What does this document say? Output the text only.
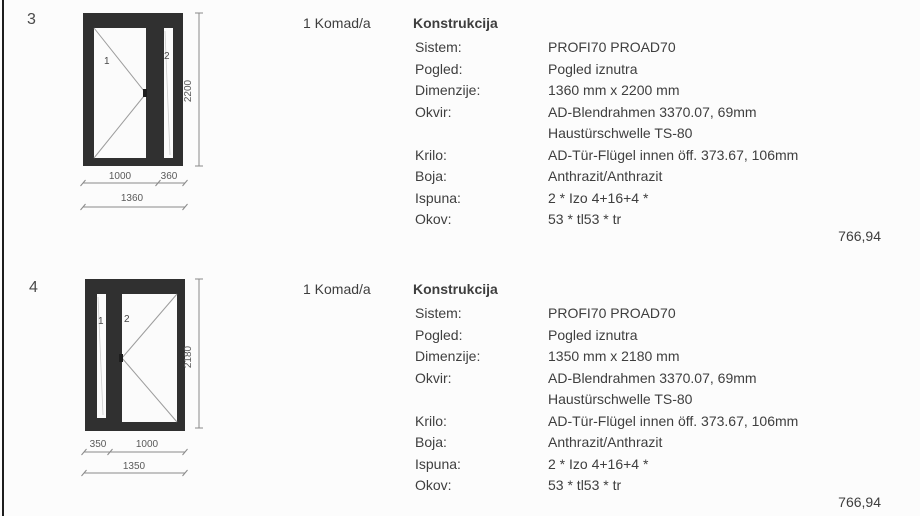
3
1	2
2200
1000	360
1360
1 Komad/a	Konstrukcija
Sistem:	PROFI70 PROAD70
Pogled:	Pogled iznutra
Dimenzije:	1360 mm x 2200 mm
Okvir:	AD-Blendrahmen 3370.07, 69mm
Haustürschwelle TS-80
Krilo:	AD-Tür-Flügel innen öff. 373.67, 106mm
Boja:	Anthrazit/Anthrazit
Ispuna:	2 * Izo 4+16+4 *
Okov:	53 * tl53 * tr
766,94
4
1 2
2180
350	1000
1350
1 Komad/a	Konstrukcija
Sistem:	PROFI70 PROAD70
Pogled:	Pogled iznutra
Dimenzije:	1350 mm x 2180 mm
Okvir:	AD-Blendrahmen 3370.07, 69mm
Haustürschwelle TS-80
Krilo:	AD-Tür-Flügel innen öff. 373.67, 106mm
Boja:	Anthrazit/Anthrazit
Ispuna:	2 * Izo 4+16+4 *
Okov:	53 * tl53 * tr
766,94
